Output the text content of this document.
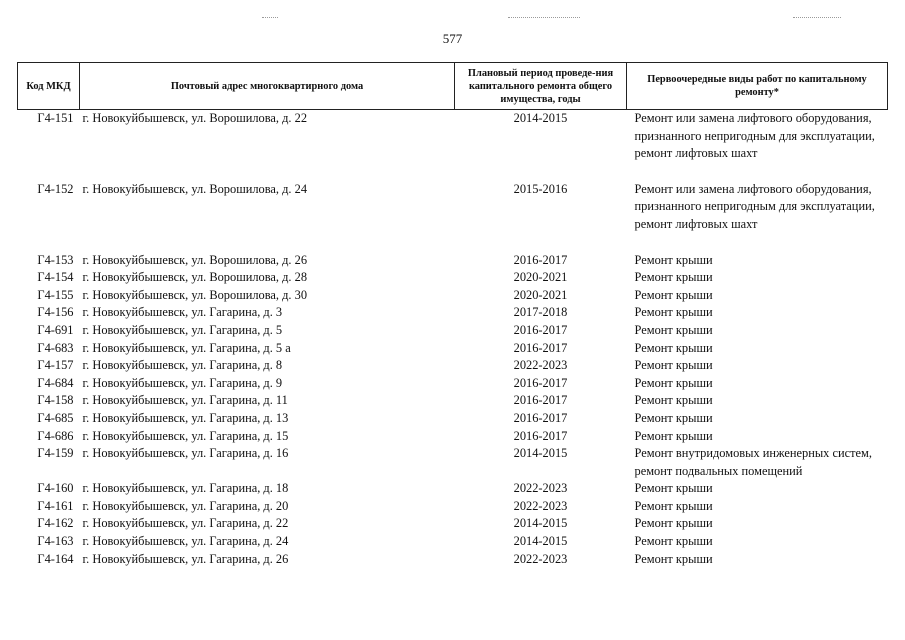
577
Код МКД	Почтовый адрес многоквартирного дома	Плановый период проведе-ния капитального ремонта общего имущества, годы	Первоочередные виды работ по капитальному ремонту*
Г4-151	г. Новокуйбышевск, ул. Ворошилова, д. 22	2014-2015	Ремонт или замена лифтового оборудования, признанного непригодным для эксплуатации, ремонт лифтовых шахт

Г4-152	г. Новокуйбышевск, ул. Ворошилова, д. 24	2015-2016	Ремонт или замена лифтового оборудования, признанного непригодным для эксплуатации, ремонт лифтовых шахт

Г4-153	г. Новокуйбышевск, ул. Ворошилова, д. 26	2016-2017	Ремонт крыши
Г4-154	г. Новокуйбышевск, ул. Ворошилова, д. 28	2020-2021	Ремонт крыши
Г4-155	г. Новокуйбышевск, ул. Ворошилова, д. 30	2020-2021	Ремонт крыши
Г4-156	г. Новокуйбышевск, ул. Гагарина, д. 3	2017-2018	Ремонт крыши
Г4-691	г. Новокуйбышевск, ул. Гагарина, д. 5	2016-2017	Ремонт крыши
Г4-683	г. Новокуйбышевск, ул. Гагарина, д. 5 а	2016-2017	Ремонт крыши
Г4-157	г. Новокуйбышевск, ул. Гагарина, д. 8	2022-2023	Ремонт крыши
Г4-684	г. Новокуйбышевск, ул. Гагарина, д. 9	2016-2017	Ремонт крыши
Г4-158	г. Новокуйбышевск, ул. Гагарина, д. 11	2016-2017	Ремонт крыши
Г4-685	г. Новокуйбышевск, ул. Гагарина, д. 13	2016-2017	Ремонт крыши
Г4-686	г. Новокуйбышевск, ул. Гагарина, д. 15	2016-2017	Ремонт крыши
Г4-159	г. Новокуйбышевск, ул. Гагарина, д. 16	2014-2015	Ремонт внутридомовых инженерных систем, ремонт подвальных помещений
Г4-160	г. Новокуйбышевск, ул. Гагарина, д. 18	2022-2023	Ремонт крыши
Г4-161	г. Новокуйбышевск, ул. Гагарина, д. 20	2022-2023	Ремонт крыши
Г4-162	г. Новокуйбышевск, ул. Гагарина, д. 22	2014-2015	Ремонт крыши
Г4-163	г. Новокуйбышевск, ул. Гагарина, д. 24	2014-2015	Ремонт крыши
Г4-164	г. Новокуйбышевск, ул. Гагарина, д. 26	2022-2023	Ремонт крыши
